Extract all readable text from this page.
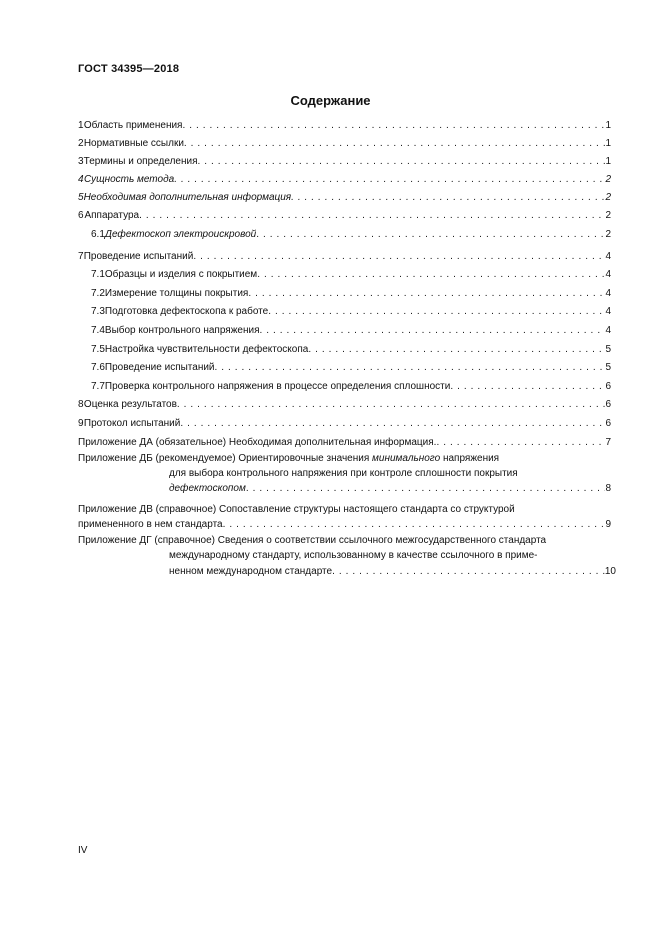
ГОСТ 34395—2018
Содержание
1 Область применения . . .	1
2 Нормативные ссылки . . .	1
3 Термины и определения . . .	1
4 Сущность метода . . .	2
5 Необходимая дополнительная информация . . .	2
6 Аппаратура . . .	2
6.1 Дефектоскоп электроискровой . . .	2
7 Проведение испытаний . . .	4
7.1 Образцы и изделия с покрытием . . .	4
7.2 Измерение толщины покрытия . . .	4
7.3 Подготовка дефектоскопа к работе . . .	4
7.4 Выбор контрольного напряжения . . .	4
7.5 Настройка чувствительности дефектоскопа . . .	5
7.6 Проведение испытаний . . .	5
7.7 Проверка контрольного напряжения в процессе определения сплошности . . .	6
8 Оценка результатов . . .	6
9 Протокол испытаний . . .	6
Приложение ДА (обязательное) Необходимая дополнительная информация. . . .	7
Приложение ДБ (рекомендуемое) Ориентировочные значения минимального напряжения
для выбора контрольного напряжения при контроле сплошности покрытия
дефектоскопом . . .	8
Приложение ДВ (справочное) Сопоставление структуры настоящего стандарта со структурой
примененного в нем стандарта . . .	9
Приложение ДГ (справочное) Сведения о соответствии ссылочного межгосударственного стандарта
международному стандарту, использованному в качестве ссылочного в приме-
ненном международном стандарте . . .	10
IV
